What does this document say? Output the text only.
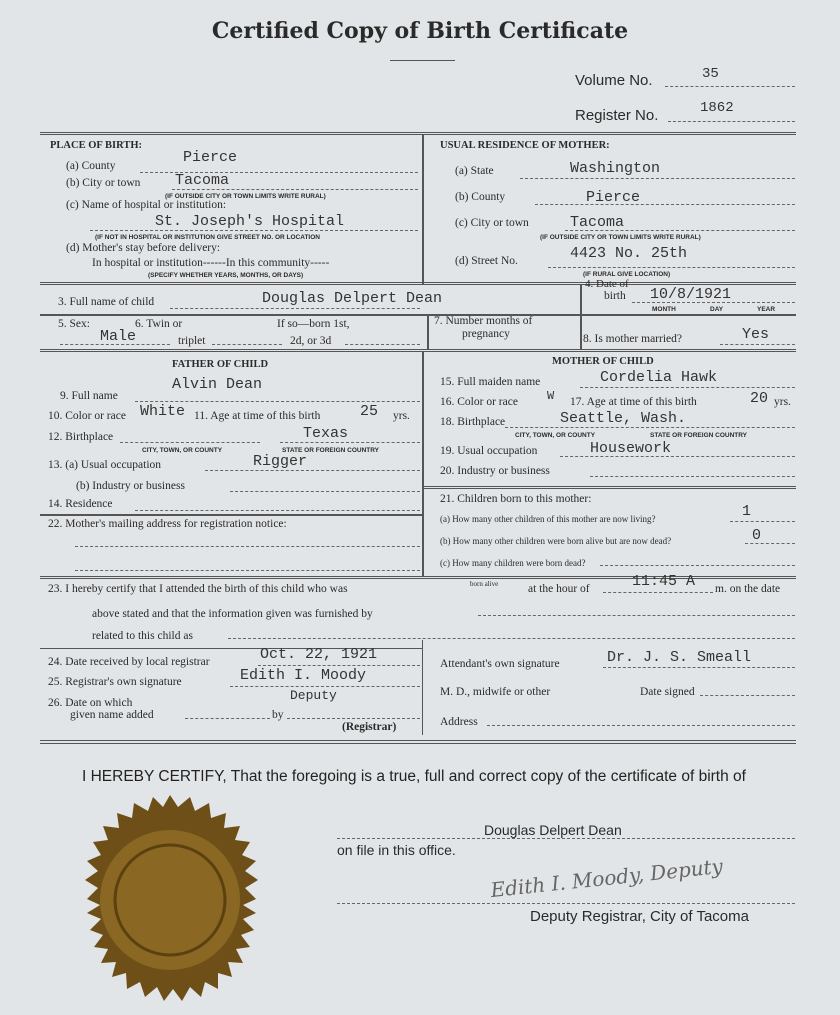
Certified Copy of Birth Certificate
Volume No.	35
Register No.	1862
PLACE OF BIRTH:
(a) County	Pierce
(b) City or town Tacoma
(IF OUTSIDE CITY OR TOWN LIMITS WRITE RURAL)
(c) Name of hospital or institution:
St. Joseph's Hospital
(IF NOT IN HOSPITAL OR INSTITUTION GIVE STREET NO. OR LOCATION
(d) Mother's stay before delivery:
In hospital or institution------In this community-----
(SPECIFY WHETHER YEARS, MONTHS, OR DAYS)
USUAL RESIDENCE OF MOTHER:
(a) State	Washington
(b) County	Pierce
(c) City or town	Tacoma
(IF OUTSIDE CITY OR TOWN LIMITS WRITE RURAL)
(d) Street No.	4423 No. 25th
(IF RURAL GIVE LOCATION)
3. Full name of child	Douglas Delpert Dean
4. Date of
birth 10/8/1921
MONTH	DAY	YEAR
5. Sex:	6. Twin or	If so—born 1st,
Male	triplet	2d, or 3d
7. Number months of
pregnancy	8. Is mother married?	Yes
FATHER OF CHILD
Alvin Dean
9. Full name
10. Color or race White 11. Age at time of this birth	25 yrs.
12. Birthplace	Texas
CITY, TOWN, OR COUNTY	STATE OR FOREIGN COUNTRY
13. (a) Usual occupation	Rigger
(b) Industry or business
14. Residence
22. Mother's mailing address for registration notice:
MOTHER OF CHILD
15. Full maiden name	Cordelia Hawk
16. Color or race W 17. Age at time of this birth	20 yrs.
18. Birthplace	Seattle, Wash.
CITY, TOWN, OR COUNTY	STATE OR FOREIGN COUNTRY
19. Usual occupation	Housework
20. Industry or business
21. Children born to this mother:
(a) How many other children of this mother are now living?	1
(b) How many other children were born alive but are now dead?	0
(c) How many children were born dead?
23. I hereby certify that I attended the birth of this child who was	born alive	at the hour of	11:45 A m. on the date
above stated and that the information given was furnished by
related to this child as
24. Date received by local registrar	Oct. 22, 1921
25. Registrar's own signature	Edith I. Moody
Deputy
26. Date on which
given name added	by
(Registrar)
Attendant's own signature	Dr. J. S. Smeall
M. D., midwife or other	Date signed
Address
I HEREBY CERTIFY, That the foregoing is a true, full and correct copy of the certificate of birth of
Douglas Delpert Dean
on file in this office.
Edith I. Moody, Deputy
Deputy Registrar, City of Tacoma
